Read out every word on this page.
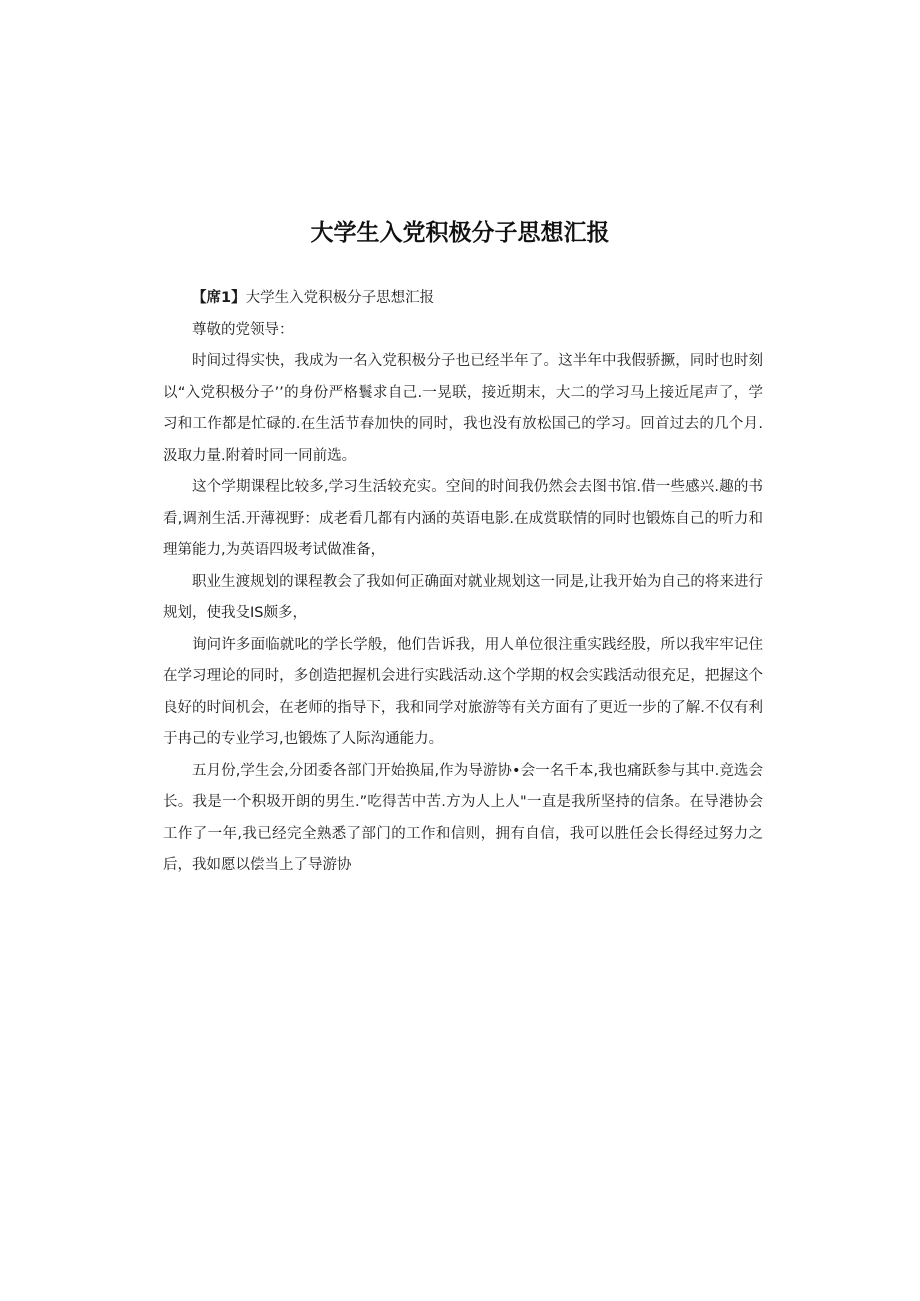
大学生入党积极分子思想汇报

【席1】大学生入党积极分子思想汇报

尊敬的党领导：

时间过得实快，我成为一名入党积极分子也已经半年了。这半年中我假骄撅，同时也时刻以“入党积极分子’’的身份严格鬟求自己.一晃联，接近期末，大二的学习马上接近尾声了，学习和工作都是忙碌的.在生活节春加快的同时，我也没有放松国己的学习。回首过去的几个月.汲取力量.附着时同一同前选。

这个学期课程比较多,学习生活较充实。空间的时间我仍然会去图书馆.借一些感兴.趣的书看,调剂生活.开薄视野：成老看几都有内涵的英语电影.在成赏联情的同时也锻炼自己的听力和理第能力,为英语四圾考试做准备，

职业生渡规划的课程教会了我如何正确面对就业规划这一同是,让我开始为自己的将来进行规划，使我殳IS颇多，

询问许多面临就叱的学长学般，他们告诉我，用人单位很注重实践经股，所以我牢牢记住在学习理论的同时，多创造把握机会进行实践活动.这个学期的权会实践活动很充足，把握这个良好的时间机会，在老师的指导下，我和同学对旅游等有关方面有了更近一步的了解.不仅有利于冉己的专业学习,也锻炼了人际沟通能力。

五月份,学生会,分团委各部门开始换届,作为导游协•会一名千本,我也痛跃参与其中.竞选会长。我是一个积圾开朗的男生.”吃得苦中苦.方为人上人"一直是我所坚持的信条。在导港协会工作了一年,我已经完全熟悉了部门的工作和信则，拥有自信，我可以胜任会长得经过努力之后，我如愿以偿当上了导游协
